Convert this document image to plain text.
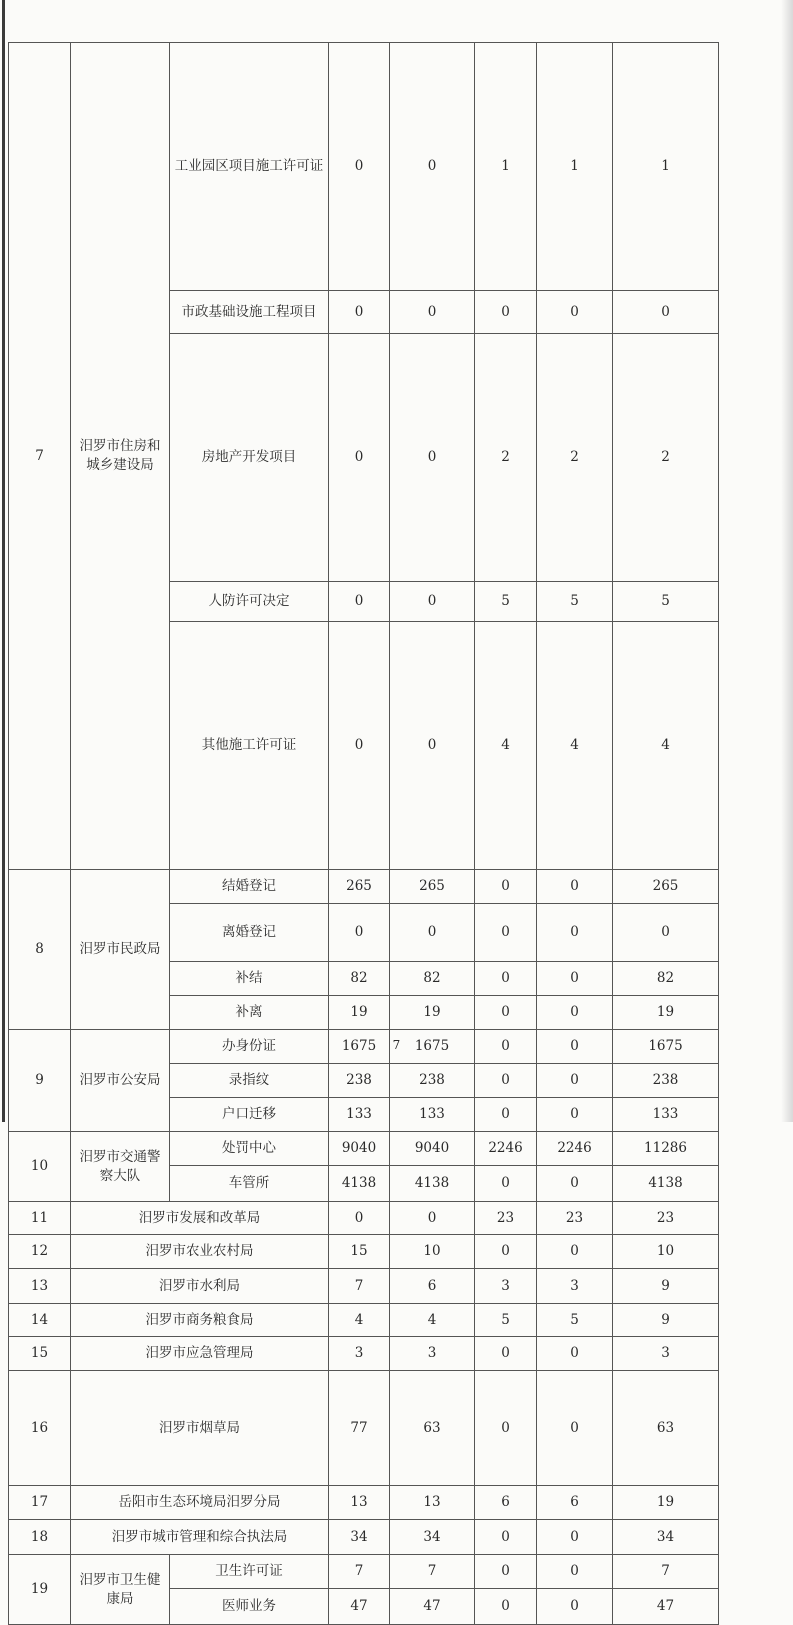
7	汨罗市住房和城乡建设局	工业园区项目施工许可证	0	0	1	1	1	
		市政基础设施工程项目	0	0	0	0	0	
		房地产开发项目	0	0	2	2	2	
		人防许可决定	0	0	5	5	5	
		其他施工许可证	0	0	4	4	4	
8	汨罗市民政局	结婚登记	265	265	0	0	265	
		离婚登记	0	0	0	0	0	
		补结	82	82	0	0	82	
		补离	19	19	0	0	19	
9	汨罗市公安局	办身份证	1675	1675	0	0	1675	
		录指纹	238	238	0	0	238	
		户口迁移	133	133	0	0	133	
10	汨罗市交通警察大队	处罚中心	9040	9040	2246	2246	11286	
		车管所	4138	4138	0	0	4138	
11	汨罗市发展和改革局		0	0	23	23	23	
12	汨罗市农业农村局		15	10	0	0	10	
13	汨罗市水利局		7	6	3	3	9	
14	汨罗市商务粮食局		4	4	5	5	9	
15	汨罗市应急管理局		3	3	0	0	3	
16	汨罗市烟草局		77	63	0	0	63	
17	岳阳市生态环境局汨罗分局		13	13	6	6	19	
18	汨罗市城市管理和综合执法局		34	34	0	0	34	
19	汨罗市卫生健康局	卫生许可证	7	7	0	0	7	
		医师业务	47	47	0	0	47	
7
